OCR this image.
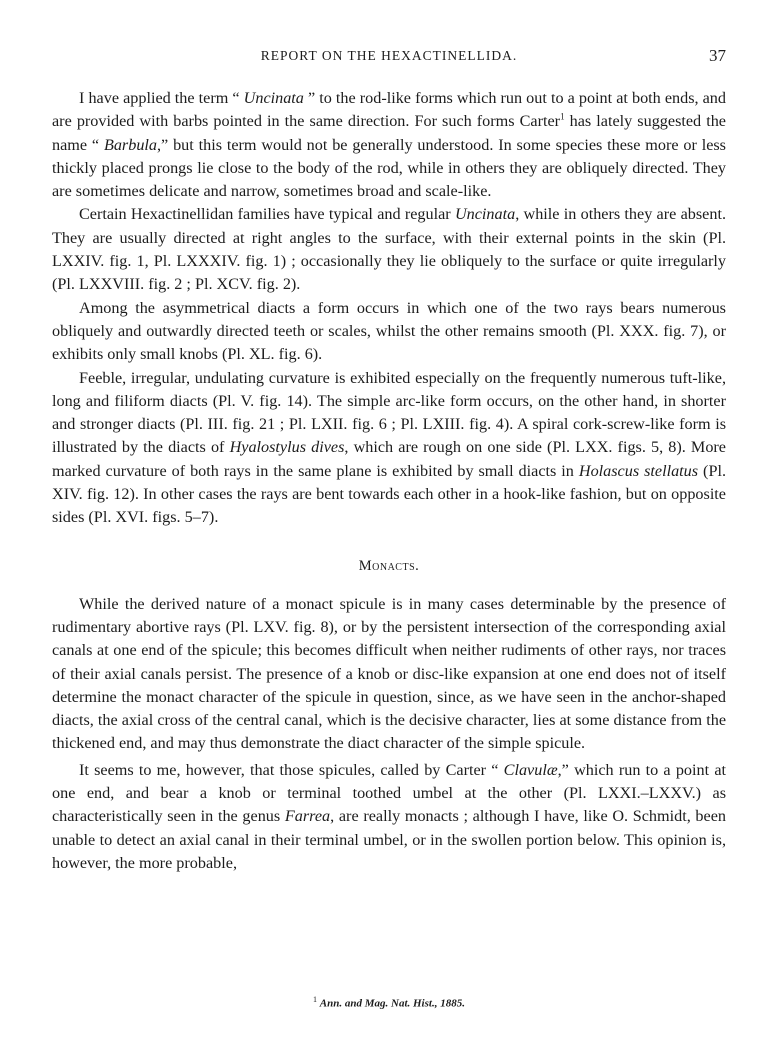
REPORT ON THE HEXACTINELLIDA.	37

I have applied the term “ Uncinata ” to the rod-like forms which run out to a point at both ends, and are provided with barbs pointed in the same direction. For such forms Carter$^1$ has lately suggested the name “ Barbula,” but this term would not be generally understood. In some species these more or less thickly placed prongs lie close to the body of the rod, while in others they are obliquely directed. They are sometimes delicate and narrow, sometimes broad and scale-like.

Certain Hexactinellidan families have typical and regular Uncinata, while in others they are absent. They are usually directed at right angles to the surface, with their external points in the skin (Pl. LXXIV. fig. 1, Pl. LXXXIV. fig. 1) ; occasionally they lie obliquely to the surface or quite irregularly (Pl. LXXVIII. fig. 2 ; Pl. XCV. fig. 2).

Among the asymmetrical diacts a form occurs in which one of the two rays bears numerous obliquely and outwardly directed teeth or scales, whilst the other remains smooth (Pl. XXX. fig. 7), or exhibits only small knobs (Pl. XL. fig. 6).

Feeble, irregular, undulating curvature is exhibited especially on the frequently numerous tuft-like, long and filiform diacts (Pl. V. fig. 14). The simple arc-like form occurs, on the other hand, in shorter and stronger diacts (Pl. III. fig. 21 ; Pl. LXII. fig. 6 ; Pl. LXIII. fig. 4). A spiral cork-screw-like form is illustrated by the diacts of Hyalostylus dives, which are rough on one side (Pl. LXX. figs. 5, 8). More marked curvature of both rays in the same plane is exhibited by small diacts in Holascus stellatus (Pl. XIV. fig. 12). In other cases the rays are bent towards each other in a hook-like fashion, but on opposite sides (Pl. XVI. figs. 5–7).

Monacts.

While the derived nature of a monact spicule is in many cases determinable by the presence of rudimentary abortive rays (Pl. LXV. fig. 8), or by the persistent intersection of the corresponding axial canals at one end of the spicule; this becomes difficult when neither rudiments of other rays, nor traces of their axial canals persist. The presence of a knob or disc-like expansion at one end does not of itself determine the monact character of the spicule in question, since, as we have seen in the anchor-shaped diacts, the axial cross of the central canal, which is the decisive character, lies at some distance from the thickened end, and may thus demonstrate the diact character of the simple spicule.

It seems to me, however, that those spicules, called by Carter “ Clavulæ,” which run to a point at one end, and bear a knob or terminal toothed umbel at the other (Pl. LXXI.–LXXV.) as characteristically seen in the genus Farrea, are really monacts ; although I have, like O. Schmidt, been unable to detect an axial canal in their terminal umbel, or in the swollen portion below. This opinion is, however, the more probable,

$^1$ Ann. and Mag. Nat. Hist., 1885.
